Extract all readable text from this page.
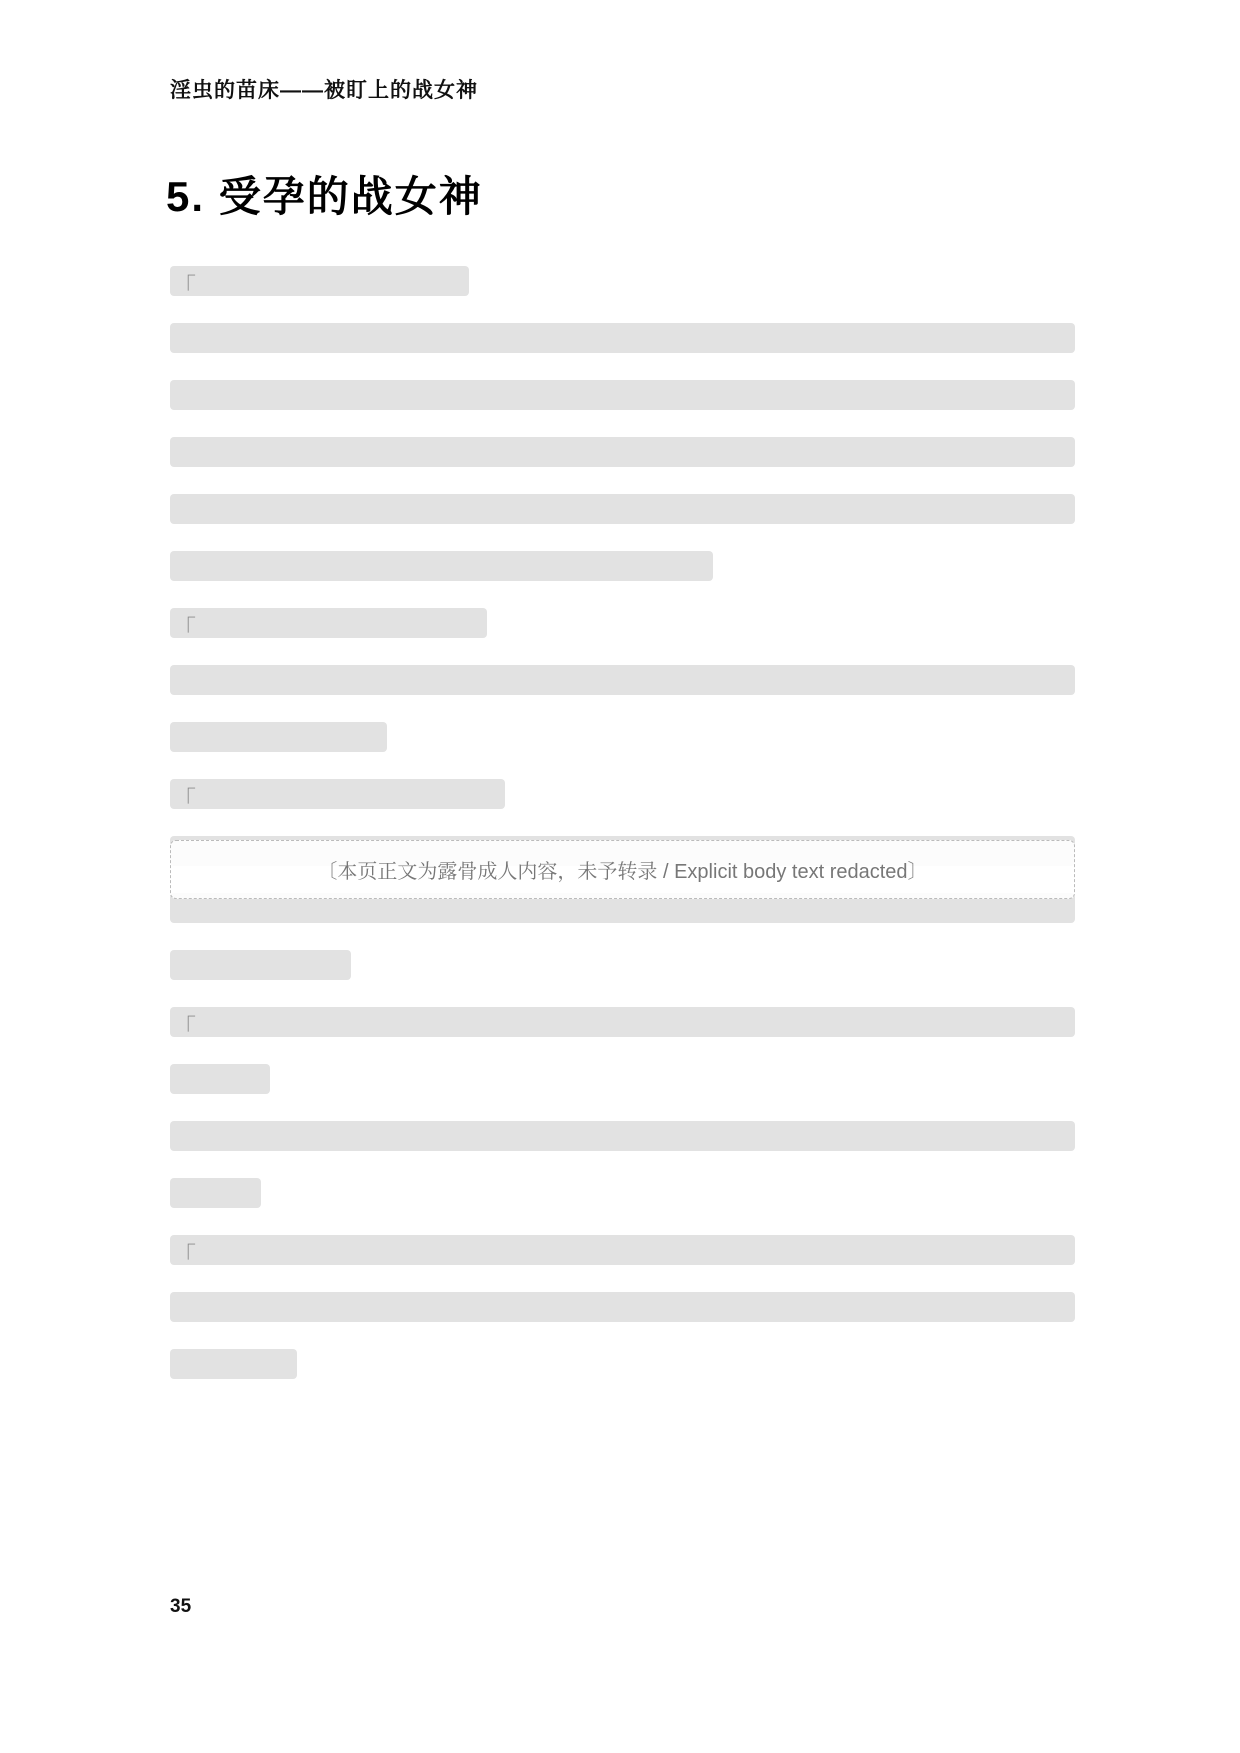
淫虫的苗床——被盯上的战女神
5. 受孕的战女神
「
「
「
「
「
〔本页正文为露骨成人内容，未予转录 / Explicit body text redacted〕
35
